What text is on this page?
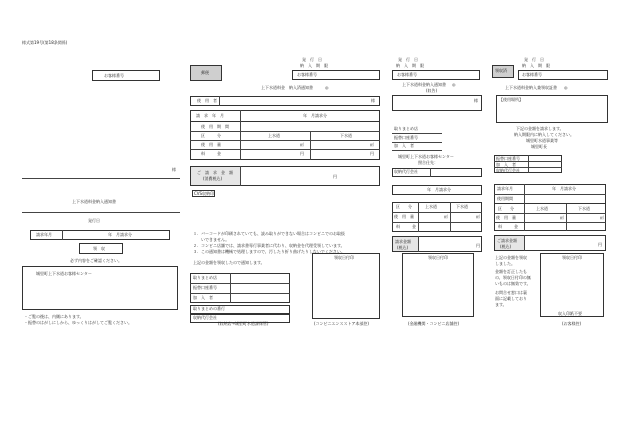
様式第19号(第18条関係)
お客様番号
様
上下水道料金納入通知書
発行日
請求年月	年　月請求分
領　収
必ず内容をご確認ください。
城里町上下水道お客様センター
・ご覧の後は、内側にあります。
・振替のはがしにしから、ゆっくりはがしてご覧ください。
郵便
発　行　日
納　入　期　限
お客様番号
上下水道料金　納入済通知書	◎
使　用　者	様
請　求　年　月	年　月請求分
使　用　期　間
区　　　分	上水道	下水道
使　用　量	㎥	㎥
料　　　金	円	円
ご　請　求　金　額
(消費税込)	円
CVS収納印
１．バーコードが印刷されていても、読み取りができない場合はコンビニでのお取扱
　　いできません。
２．コンビニ店舗では、請求書専行事業者に代わり、収納金を代理受領しています。
３．この通知書は機械で処理しますので、汚したり折り曲げたりしないでください。
上記の金額を領収したので通知します。
領収日付印
取りまとめ店
振替口座番号
加　入　者
取りまとめの番行
収納代行会社
(収納店→城里町水道課保管)	(コンビニエンスストア本部控)
発　行　日
納　入　期　限
お客様番号
上下水道料金納入通知書 ◎
(収告)
様
取りまとめ店
振替口座番号
加　入　者
城里町上下水道お客様センター
照合仕先：
収納代行会社
年　月請求分
区　　分	上水道	下水道
使　用　量	㎥	㎥
料　　　金
請求金額
(税込)	円
領収日付印
(金融機関・コンビニ店舗控)
領収済
発　行　日
納　入　期　限
お客様番号
上下水道料金納入兼領収証書 ◎
【使用場所】
下記の金額を請求します。
納入期限内に納入してください。
城里町水道事業等
城里町長
振替口座番号
加　入　者
収納代行会社
請求年月	年　月請求分
使用期間
区　　分	上水道	下水道
使　用　量	㎥	㎥
料　　　金
ご請求金額
(税込)	円
上記の金額を領収
しました。
金額を訂正したも
の、領収日付印の無
いものは無効です。
お問合せ窓口は裏
面に記載しており
ます。
領収日付印
収入印紙不要
(お客様控)
